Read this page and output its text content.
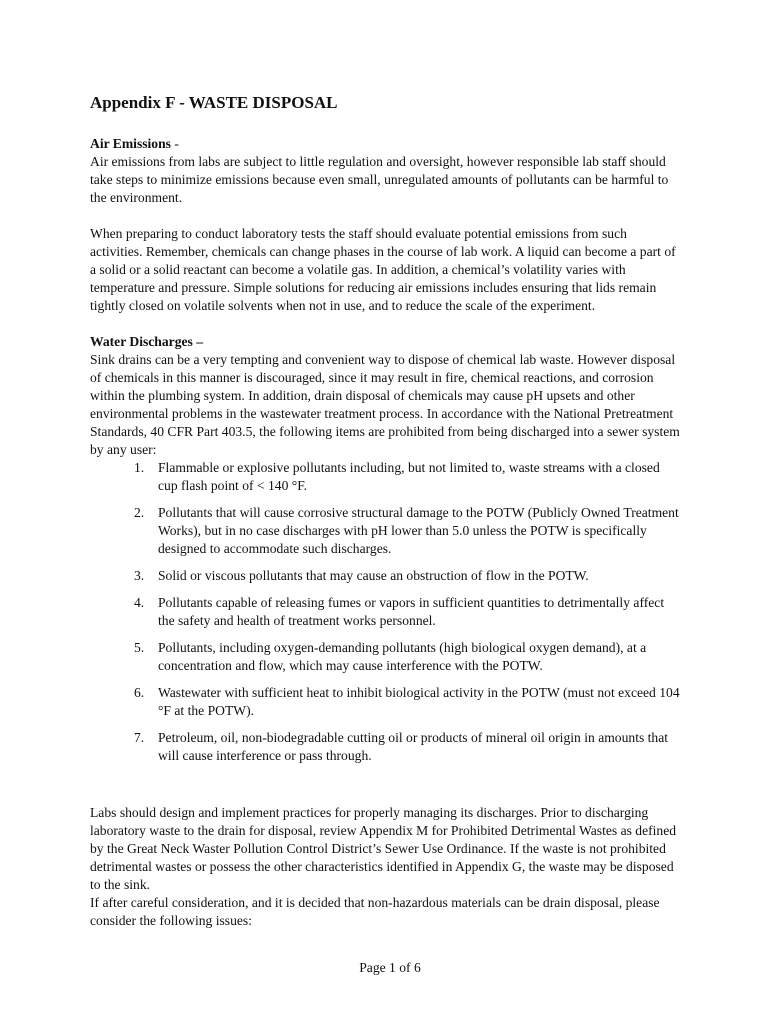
Appendix F - WASTE DISPOSAL
Air Emissions -

Air emissions from labs are subject to little regulation and oversight, however responsible lab staff should take steps to minimize emissions because even small, unregulated amounts of pollutants can be harmful to the environment.

When preparing to conduct laboratory tests the staff should evaluate potential emissions from such activities. Remember, chemicals can change phases in the course of lab work. A liquid can become a part of a solid or a solid reactant can become a volatile gas. In addition, a chemical’s volatility varies with temperature and pressure. Simple solutions for reducing air emissions includes ensuring that lids remain tightly closed on volatile solvents when not in use, and to reduce the scale of the experiment.

Water Discharges –

Sink drains can be a very tempting and convenient way to dispose of chemical lab waste. However disposal of chemicals in this manner is discouraged, since it may result in fire, chemical reactions, and corrosion within the plumbing system. In addition, drain disposal of chemicals may cause pH upsets and other environmental problems in the wastewater treatment process. In accordance with the National Pretreatment Standards, 40 CFR Part 403.5, the following items are prohibited from being discharged into a sewer system by any user:

1. Flammable or explosive pollutants including, but not limited to, waste streams with a closed cup flash point of < 140 °F.
2. Pollutants that will cause corrosive structural damage to the POTW (Publicly Owned Treatment Works), but in no case discharges with pH lower than 5.0 unless the POTW is specifically designed to accommodate such discharges.
3. Solid or viscous pollutants that may cause an obstruction of flow in the POTW.
4. Pollutants capable of releasing fumes or vapors in sufficient quantities to detrimentally affect the safety and health of treatment works personnel.
5. Pollutants, including oxygen-demanding pollutants (high biological oxygen demand), at a concentration and flow, which may cause interference with the POTW.
6. Wastewater with sufficient heat to inhibit biological activity in the POTW (must not exceed 104 °F at the POTW).
7. Petroleum, oil, non-biodegradable cutting oil or products of mineral oil origin in amounts that will cause interference or pass through.

Labs should design and implement practices for properly managing its discharges. Prior to discharging laboratory waste to the drain for disposal, review Appendix M for Prohibited Detrimental Wastes as defined by the Great Neck Waster Pollution Control District’s Sewer Use Ordinance. If the waste is not prohibited detrimental wastes or possess the other characteristics identified in Appendix G, the waste may be disposed to the sink.

If after careful consideration, and it is decided that non-hazardous materials can be drain disposal, please consider the following issues:

Page 1 of 6
